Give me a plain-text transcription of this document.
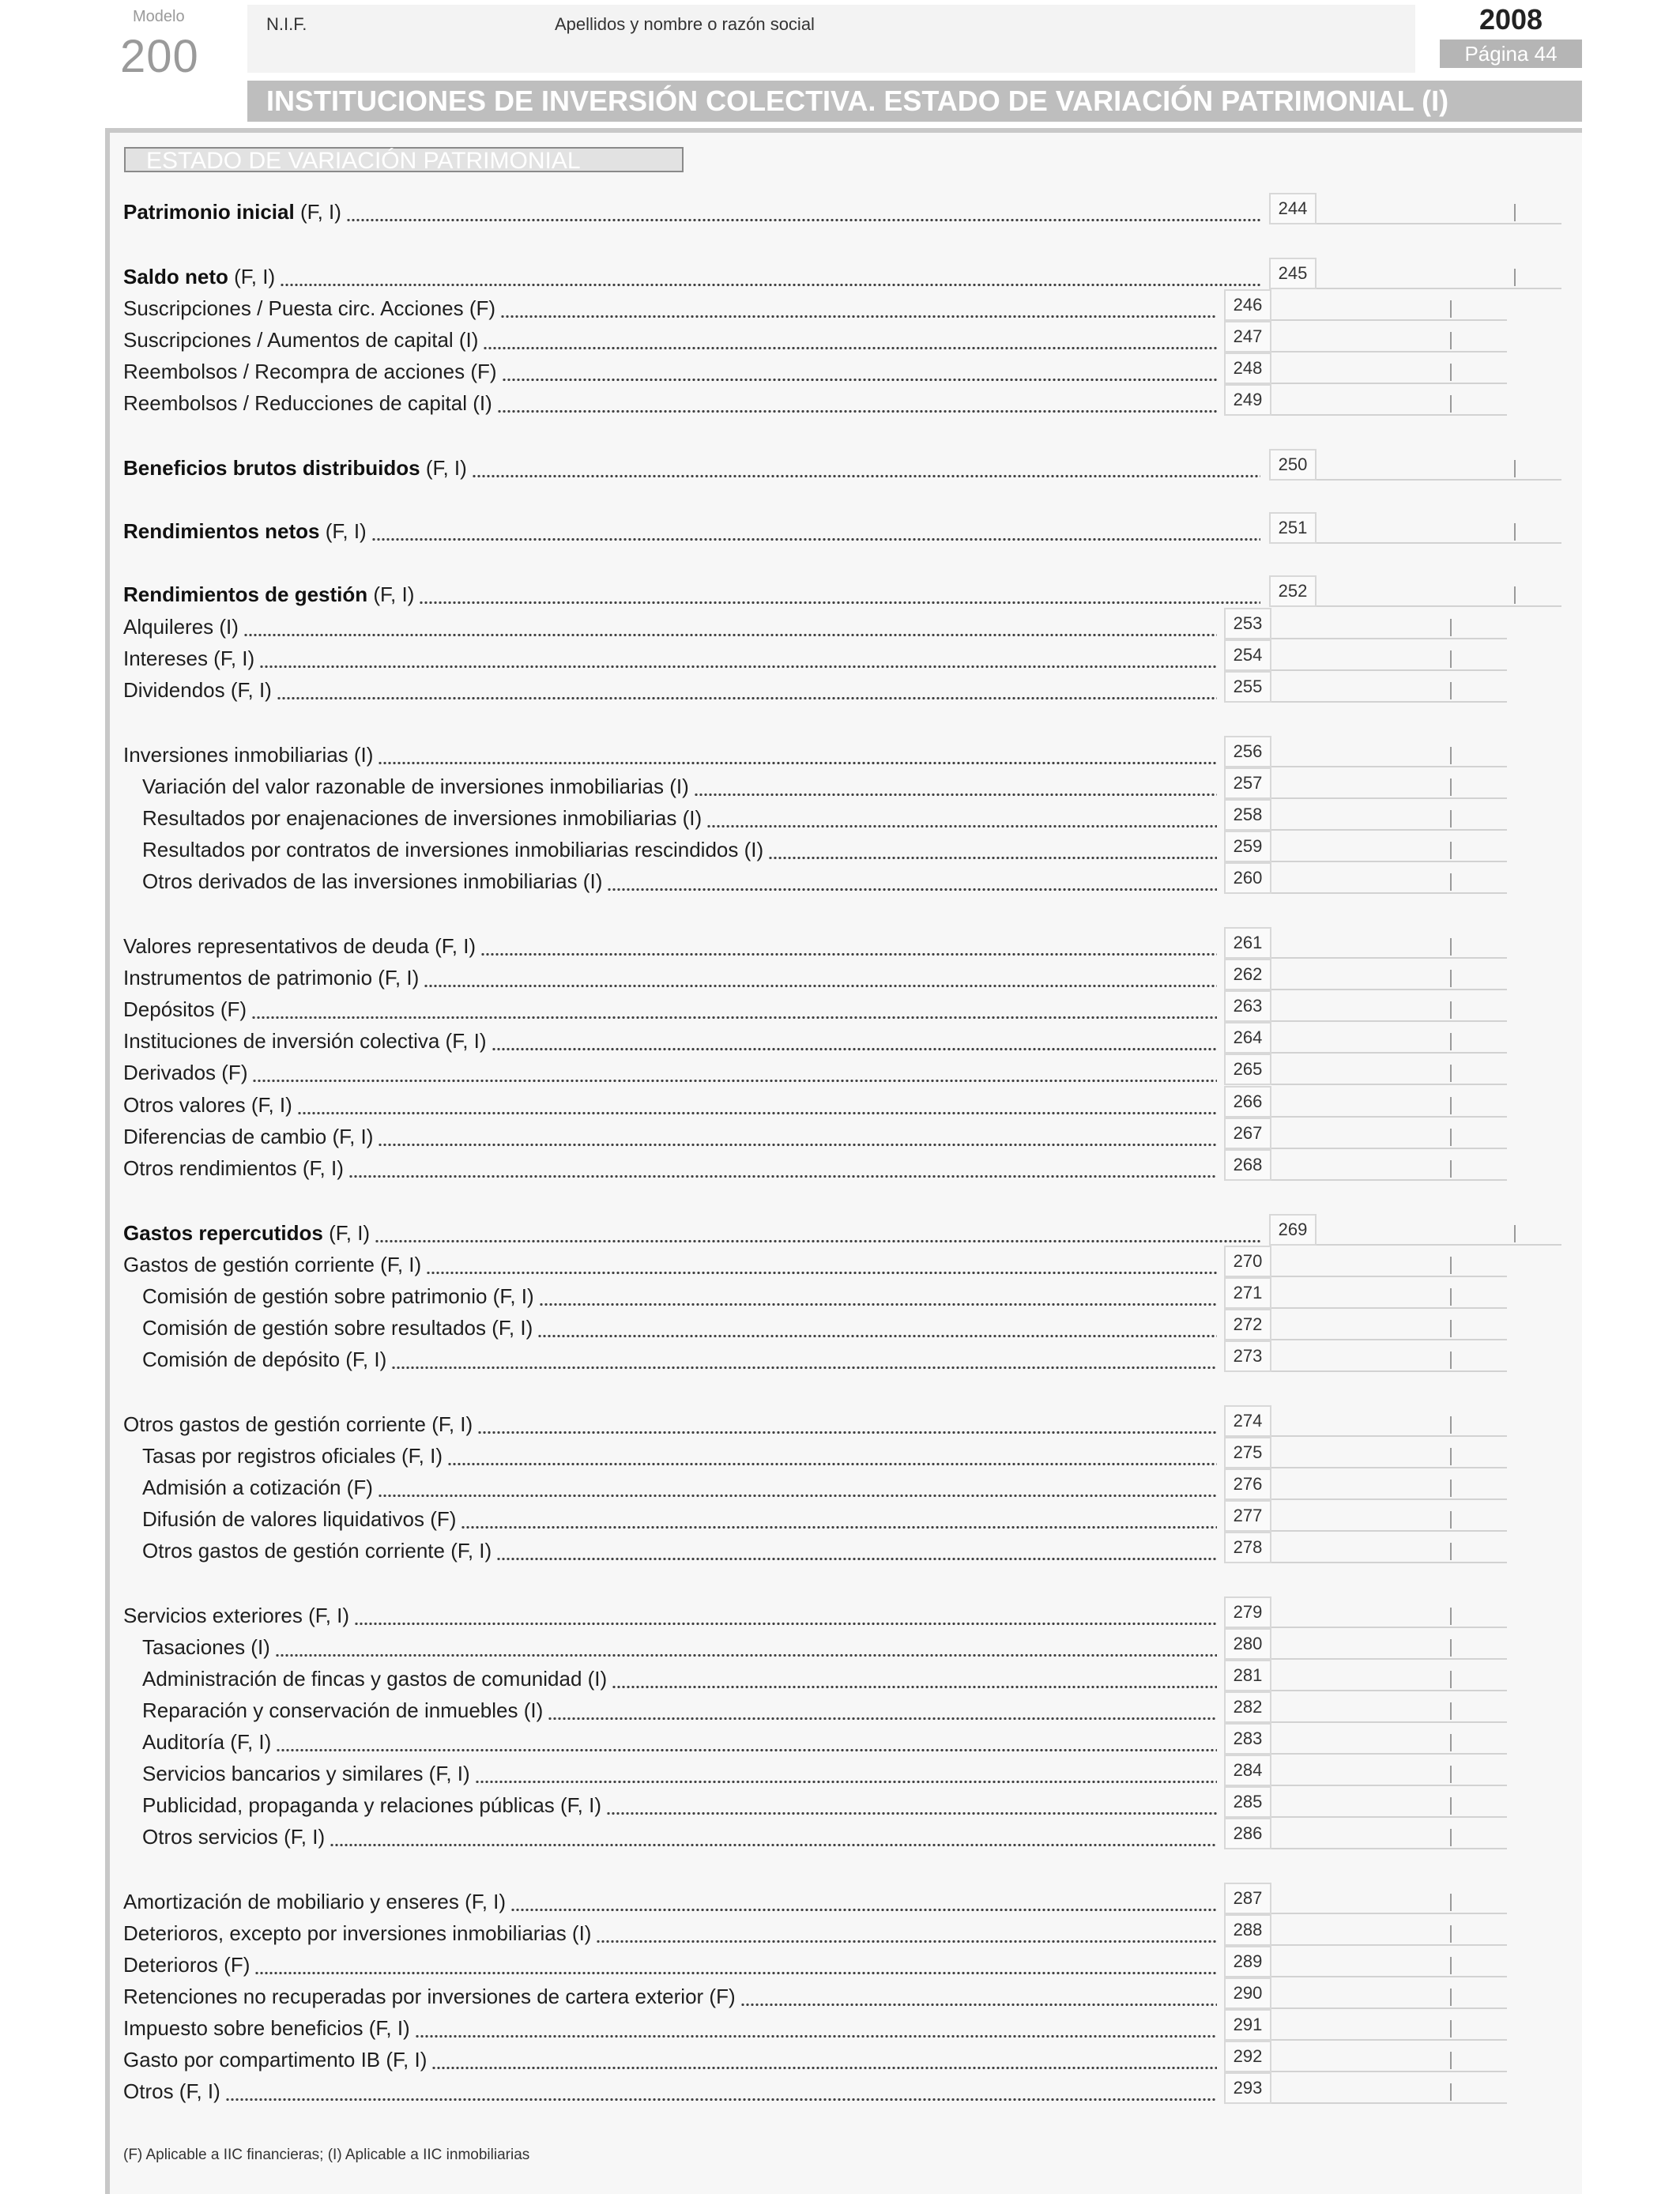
Modelo
200
N.I.F.	Apellidos y nombre o razón social	2008
Página 44
INSTITUCIONES DE INVERSIÓN COLECTIVA. ESTADO DE VARIACIÓN PATRIMONIAL (I)
ESTADO DE VARIACIÓN PATRIMONIAL
Patrimonio inicial (F, I)	244
Saldo neto (F, I)	245
Suscripciones / Puesta circ. Acciones (F)	246
Suscripciones / Aumentos de capital (I)	247
Reembolsos / Recompra de acciones (F)	248
Reembolsos / Reducciones de capital (I)	249
Beneficios brutos distribuidos (F, I)	250
Rendimientos netos (F, I)	251
Rendimientos de gestión (F, I)	252
Alquileres (I)	253
Intereses (F, I)	254
Dividendos (F, I)	255
Inversiones inmobiliarias (I)	256
Variación del valor razonable de inversiones inmobiliarias (I)	257
Resultados por enajenaciones de inversiones inmobiliarias (I)	258
Resultados por contratos de inversiones inmobiliarias rescindidos (I)	259
Otros derivados de las inversiones inmobiliarias (I)	260
Valores representativos de deuda (F, I)	261
Instrumentos de patrimonio (F, I)	262
Depósitos (F)	263
Instituciones de inversión colectiva (F, I)	264
Derivados (F)	265
Otros valores (F, I)	266
Diferencias de cambio (F, I)	267
Otros rendimientos (F, I)	268
Gastos repercutidos (F, I)	269
Gastos de gestión corriente (F, I)	270
Comisión de gestión sobre patrimonio (F, I)	271
Comisión de gestión sobre resultados (F, I)	272
Comisión de depósito (F, I)	273
Otros gastos de gestión corriente (F, I)	274
Tasas por registros oficiales (F, I)	275
Admisión a cotización (F)	276
Difusión de valores liquidativos (F)	277
Otros gastos de gestión corriente (F, I)	278
Servicios exteriores (F, I)	279
Tasaciones (I)	280
Administración de fincas y gastos de comunidad (I)	281
Reparación y conservación de inmuebles (I)	282
Auditoría (F, I)	283
Servicios bancarios y similares (F, I)	284
Publicidad, propaganda y relaciones públicas (F, I)	285
Otros servicios (F, I)	286
Amortización de mobiliario y enseres (F, I)	287
Deterioros, excepto por inversiones inmobiliarias (I)	288
Deterioros (F)	289
Retenciones no recuperadas por inversiones de cartera exterior (F)	290
Impuesto sobre beneficios (F, I)	291
Gasto por compartimento IB (F, I)	292
Otros (F, I)	293
(F) Aplicable a IIC financieras; (I) Aplicable a IIC inmobiliarias
